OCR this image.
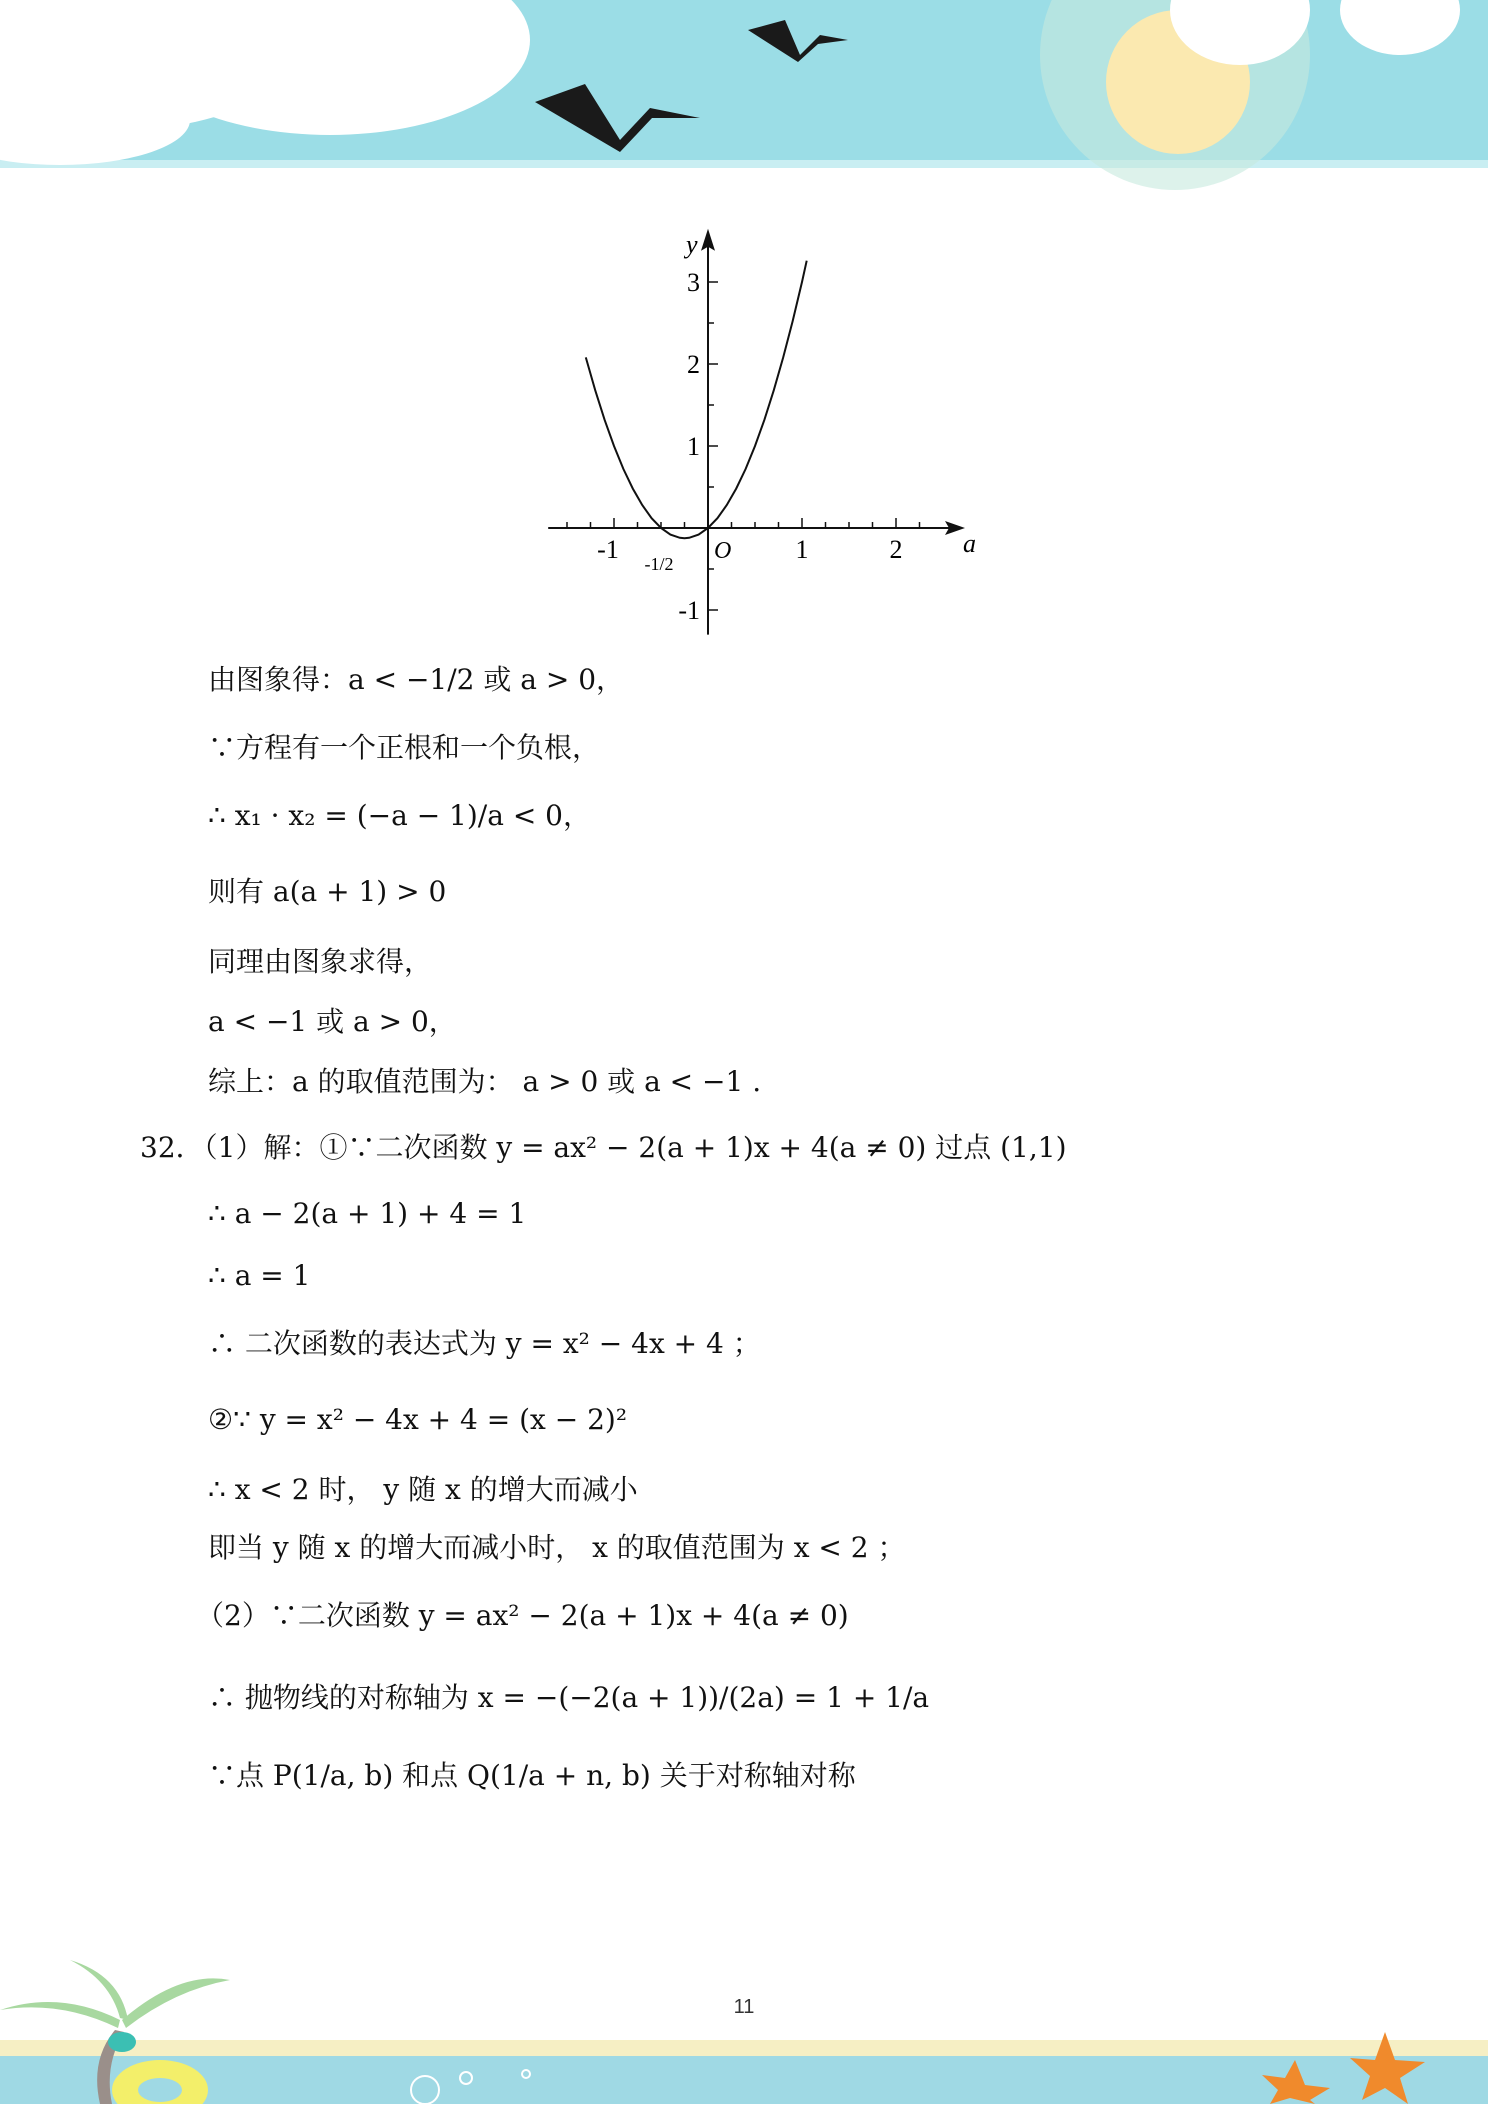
y
a
O
-1 -1/2	1	2
3
2
1
-1
由图象得：a < −1/2 或 a > 0，
∵方程有一个正根和一个负根，
∴ x₁ · x₂ = (−a − 1)/a < 0，
则有 a(a + 1) > 0
同理由图象求得，
a < −1 或 a > 0，
综上：a 的取值范围为： a > 0 或 a < −1 .
32．（1）解：①∵二次函数 y = ax² − 2(a + 1)x + 4(a ≠ 0) 过点 (1,1)
∴ a − 2(a + 1) + 4 = 1
∴ a = 1
∴ 二次函数的表达式为 y = x² − 4x + 4 ；
②∵ y = x² − 4x + 4 = (x − 2)²
∴ x < 2 时， y 随 x 的增大而减小
即当 y 随 x 的增大而减小时， x 的取值范围为 x < 2 ；
（2）∵二次函数 y = ax² − 2(a + 1)x + 4(a ≠ 0)
∴ 抛物线的对称轴为 x = −(−2(a + 1))/(2a) = 1 + 1/a
∵点 P(1/a, b) 和点 Q(1/a + n, b) 关于对称轴对称
11
